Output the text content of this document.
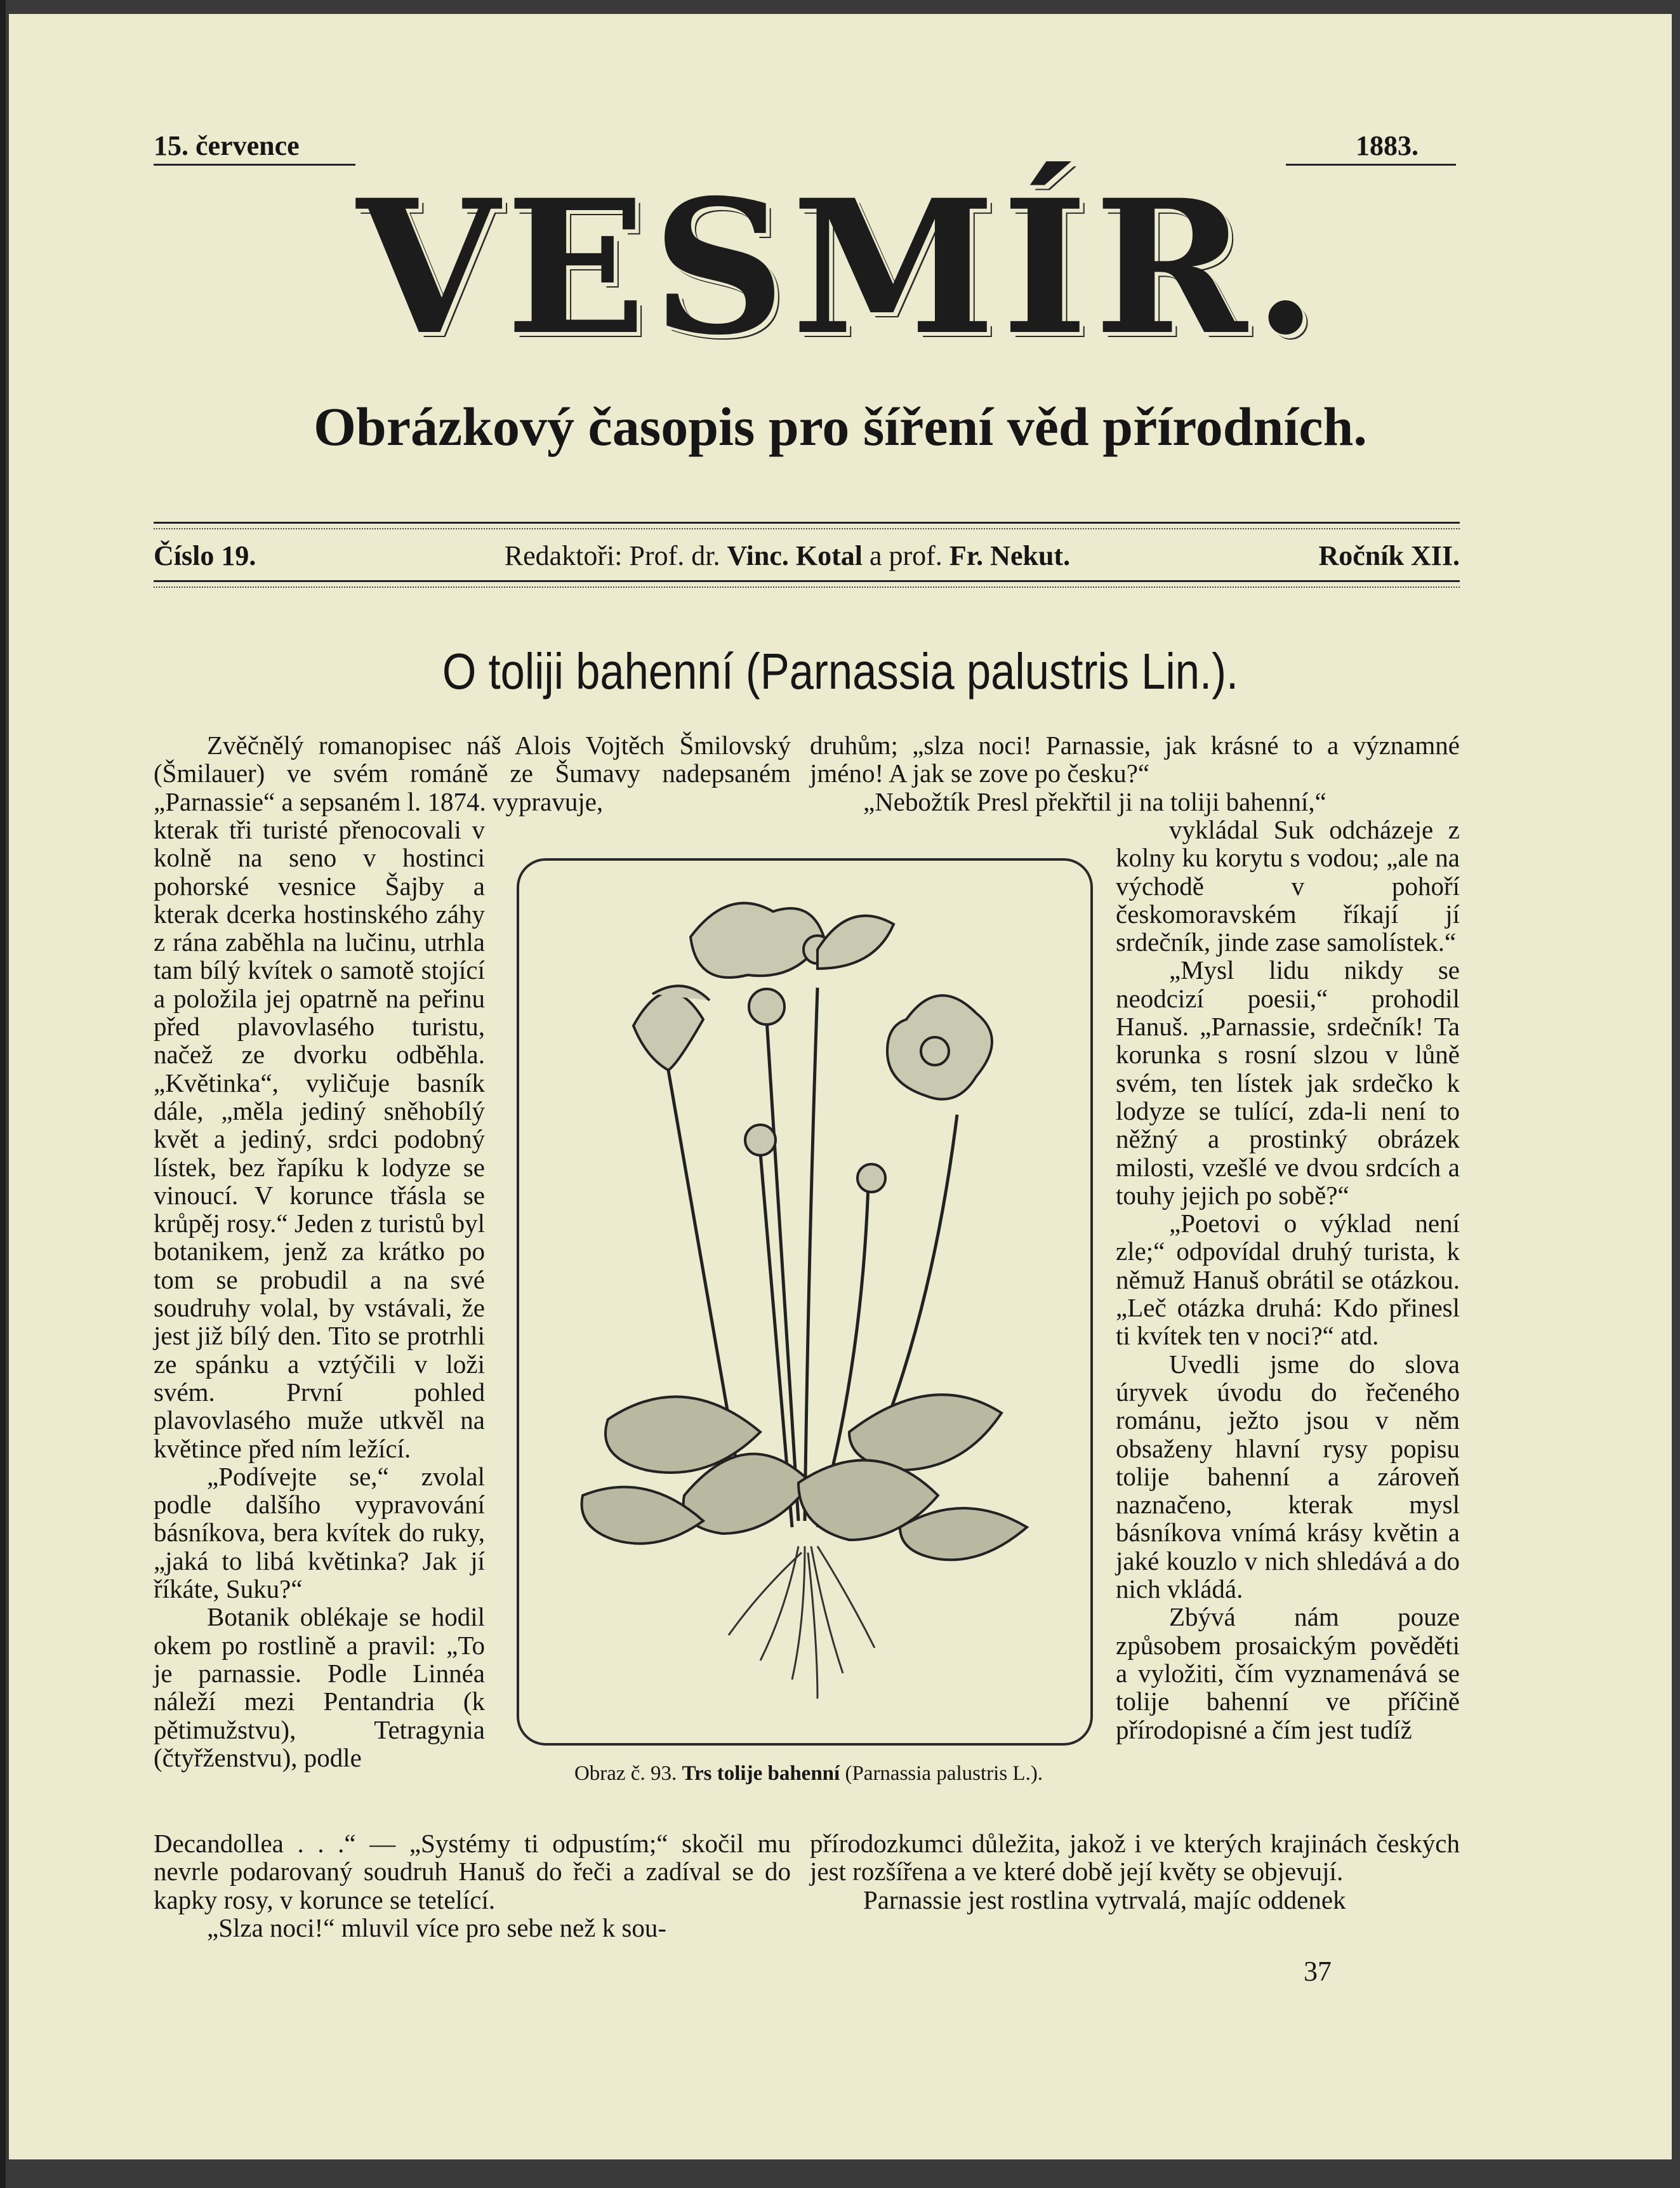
15. července	1883.
VESMÍR.
Obrázkový časopis pro šíření věd přírodních.
Číslo 19.	Redaktoři: Prof. dr. Vinc. Kotal a prof. Fr. Nekut.	Ročník XII.
O toliji bahenní (Parnassia palustris Lin.).

Zvěčnělý romanopisec náš Alois Vojtěch Šmilovský (Šmilauer) ve svém románě ze Šumavy nadepsaném „Parnassie“ a sepsaném l. 1874. vypravuje,

kterak tři turisté přenocovali v kolně na seno v hostinci pohorské vesnice Šajby a kterak dcerka hostinského záhy z rána zaběhla na lučinu, utrhla tam bílý kvítek o samotě stojící a položila jej opatrně na peřinu před plavovlasého turistu, načež ze dvorku odběhla. „Květinka“, vyličuje basník dále, „měla jediný sněhobílý květ a jediný, srdci podobný lístek, bez řapíku k lodyze se vinoucí. V korunce třásla se krůpěj rosy.“ Jeden z turistů byl botanikem, jenž za krátko po tom se probudil a na své soudruhy volal, by vstávali, že jest již bílý den. Tito se protrhli ze spánku a vztýčili v loži svém. První pohled plavovlasého muže utkvěl na květince před ním ležící.

„Podívejte se,“ zvolal podle dalšího vypravování básníkova, bera kvítek do ruky, „jaká to libá květinka? Jak jí říkáte, Suku?“

Botanik oblékaje se hodil okem po rostlině a pravil: „To je parnassie. Podle Linnéa náleží mezi Pentandria (k pětimužstvu), Tetragynia (čtyřženstvu), podle

Decandollea . . .“ — „Systémy ti odpustím;“ skočil mu nevrle podarovaný soudruh Hanuš do řeči a zadíval se do kapky rosy, v korunce se tetelící.

„Slza noci!“ mluvil více pro sebe než k sou-

druhům; „slza noci! Parnassie, jak krásné to a významné jméno! A jak se zove po česku?“

„Nebožtík Presl překřtil ji na toliji bahenní,“

vykládal Suk odcházeje z kolny ku korytu s vodou; „ale na východě v pohoří českomoravském říkají jí srdečník, jinde zase samolístek.“

„Mysl lidu nikdy se neodcizí poesii,“ prohodil Hanuš. „Parnassie, srdečník! Ta korunka s rosní slzou v lůně svém, ten lístek jak srdečko k lodyze se tulící, zda-li není to něžný a prostinký obrázek milosti, vzešlé ve dvou srdcích a touhy jejich po sobě?“

„Poetovi o výklad není zle;“ odpovídal druhý turista, k němuž Hanuš obrátil se otázkou. „Leč otázka druhá: Kdo přinesl ti kvítek ten v noci?“ atd.

Uvedli jsme do slova úryvek úvodu do řečeného románu, ježto jsou v něm obsaženy hlavní rysy popisu tolije bahenní a zároveň naznačeno, kterak mysl básníkova vnímá krásy květin a jaké kouzlo v nich shledává a do nich vkládá.

Zbývá nám pouze způsobem prosaickým pověděti a vyložiti, čím vyznamenává se tolije bahenní ve příčině přírodopisné a čím jest tudíž

přírodozkumci důležita, jakož i ve kterých krajinách českých jest rozšířena a ve které době její květy se objevují.

Parnassie jest rostlina vytrvalá, majíc oddenek

Obraz č. 93. Trs tolije bahenní (Parnassia palustris L.).
37
